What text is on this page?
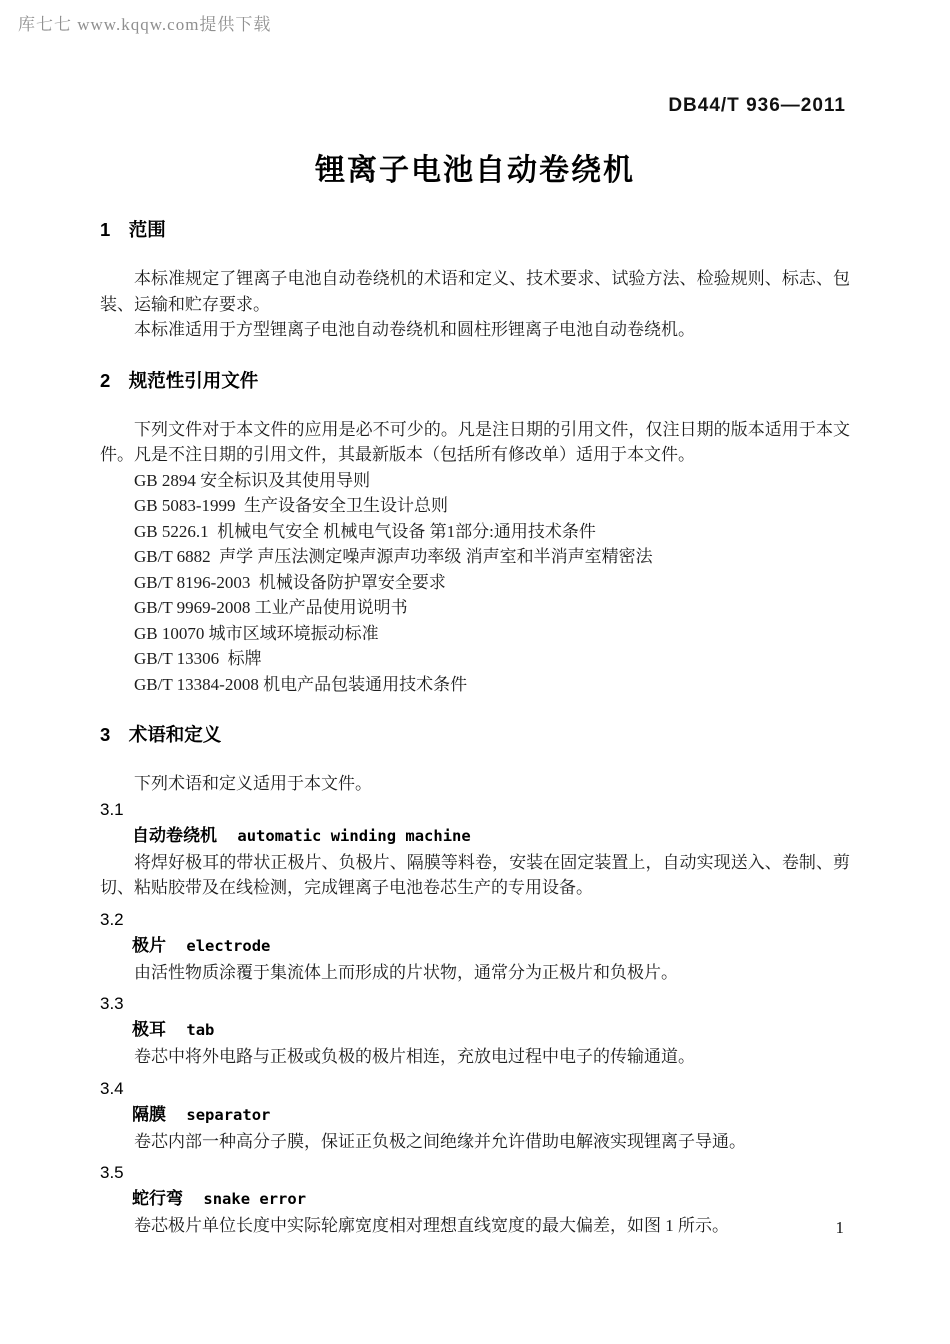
库七七 www.kqqw.com提供下载
DB44/T 936—2011
锂离子电池自动卷绕机
1 范围

本标准规定了锂离子电池自动卷绕机的术语和定义、技术要求、试验方法、检验规则、标志、包装、运输和贮存要求。

本标准适用于方型锂离子电池自动卷绕机和圆柱形锂离子电池自动卷绕机。

2 规范性引用文件

下列文件对于本文件的应用是必不可少的。凡是注日期的引用文件，仅注日期的版本适用于本文件。凡是不注日期的引用文件，其最新版本（包括所有修改单）适用于本文件。

GB 2894 安全标识及其使用导则
GB 5083-1999  生产设备安全卫生设计总则
GB 5226.1  机械电气安全 机械电气设备 第1部分:通用技术条件
GB/T 6882  声学 声压法测定噪声源声功率级 消声室和半消声室精密法
GB/T 8196-2003  机械设备防护罩安全要求
GB/T 9969-2008 工业产品使用说明书
GB 10070 城市区域环境振动标准
GB/T 13306  标牌
GB/T 13384-2008 机电产品包装通用技术条件
3 术语和定义

下列术语和定义适用于本文件。

3.1
自动卷绕机 automatic winding machine

将焊好极耳的带状正极片、负极片、隔膜等料卷，安装在固定装置上，自动实现送入、卷制、剪切、粘贴胶带及在线检测，完成锂离子电池卷芯生产的专用设备。

3.2
极片 electrode

由活性物质涂覆于集流体上而形成的片状物，通常分为正极片和负极片。

3.3
极耳 tab

卷芯中将外电路与正极或负极的极片相连，充放电过程中电子的传输通道。

3.4
隔膜 separator

卷芯内部一种高分子膜，保证正负极之间绝缘并允许借助电解液实现锂离子导通。

3.5
蛇行弯 snake error

卷芯极片单位长度中实际轮廓宽度相对理想直线宽度的最大偏差，如图 1 所示。	1
